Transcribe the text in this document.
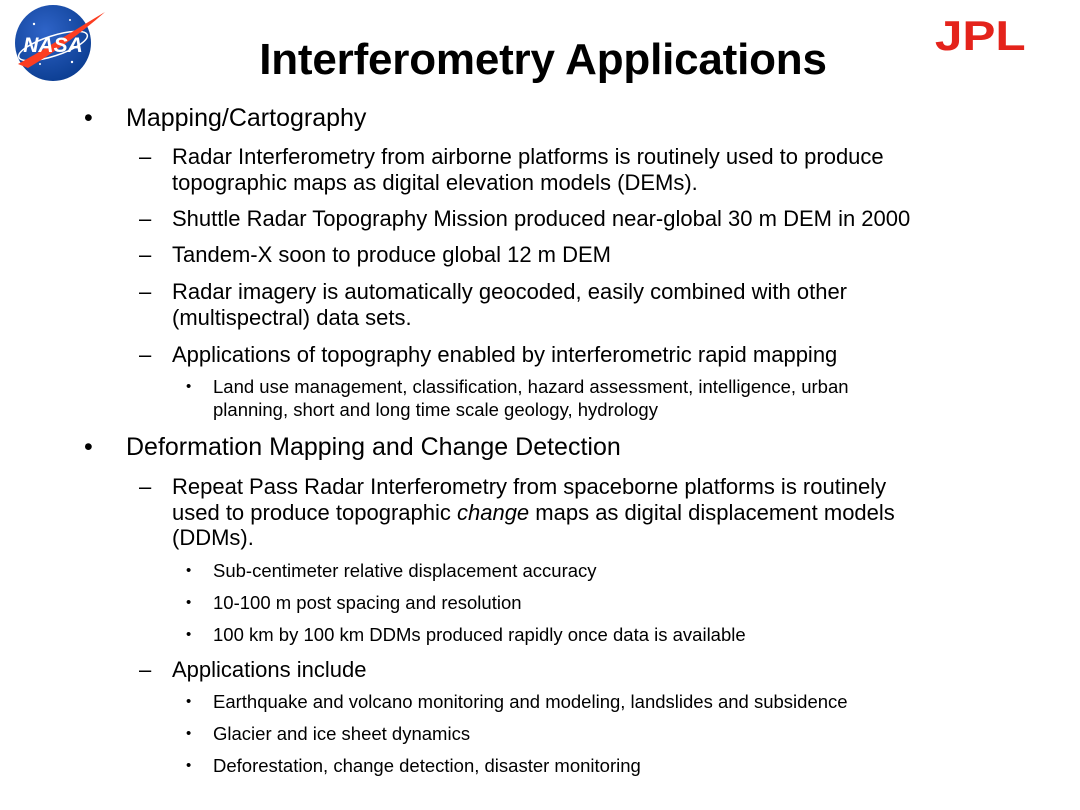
NASA	JPL
Interferometry Applications
•	Mapping/Cartography
– Radar Interferometry from airborne platforms is routinely used to produce
topographic maps as digital elevation models (DEMs).
– Shuttle Radar Topography Mission produced near-global 30 m DEM in 2000
– Tandem-X soon to produce global 12 m DEM
– Radar imagery is automatically geocoded, easily combined with other
(multispectral) data sets.
– Applications of topography enabled by interferometric rapid mapping
•	Land use management, classification, hazard assessment, intelligence, urban
planning, short and long time scale geology, hydrology
•	Deformation Mapping and Change Detection
– Repeat Pass Radar Interferometry from spaceborne platforms is routinely
used to produce topographic change maps as digital displacement models
(DDMs).
•	Sub-centimeter relative displacement accuracy
•	10-100 m post spacing and resolution
•	100 km by 100 km DDMs produced rapidly once data is available
– Applications include
•	Earthquake and volcano monitoring and modeling, landslides and subsidence
•	Glacier and ice sheet dynamics
•	Deforestation, change detection, disaster monitoring
